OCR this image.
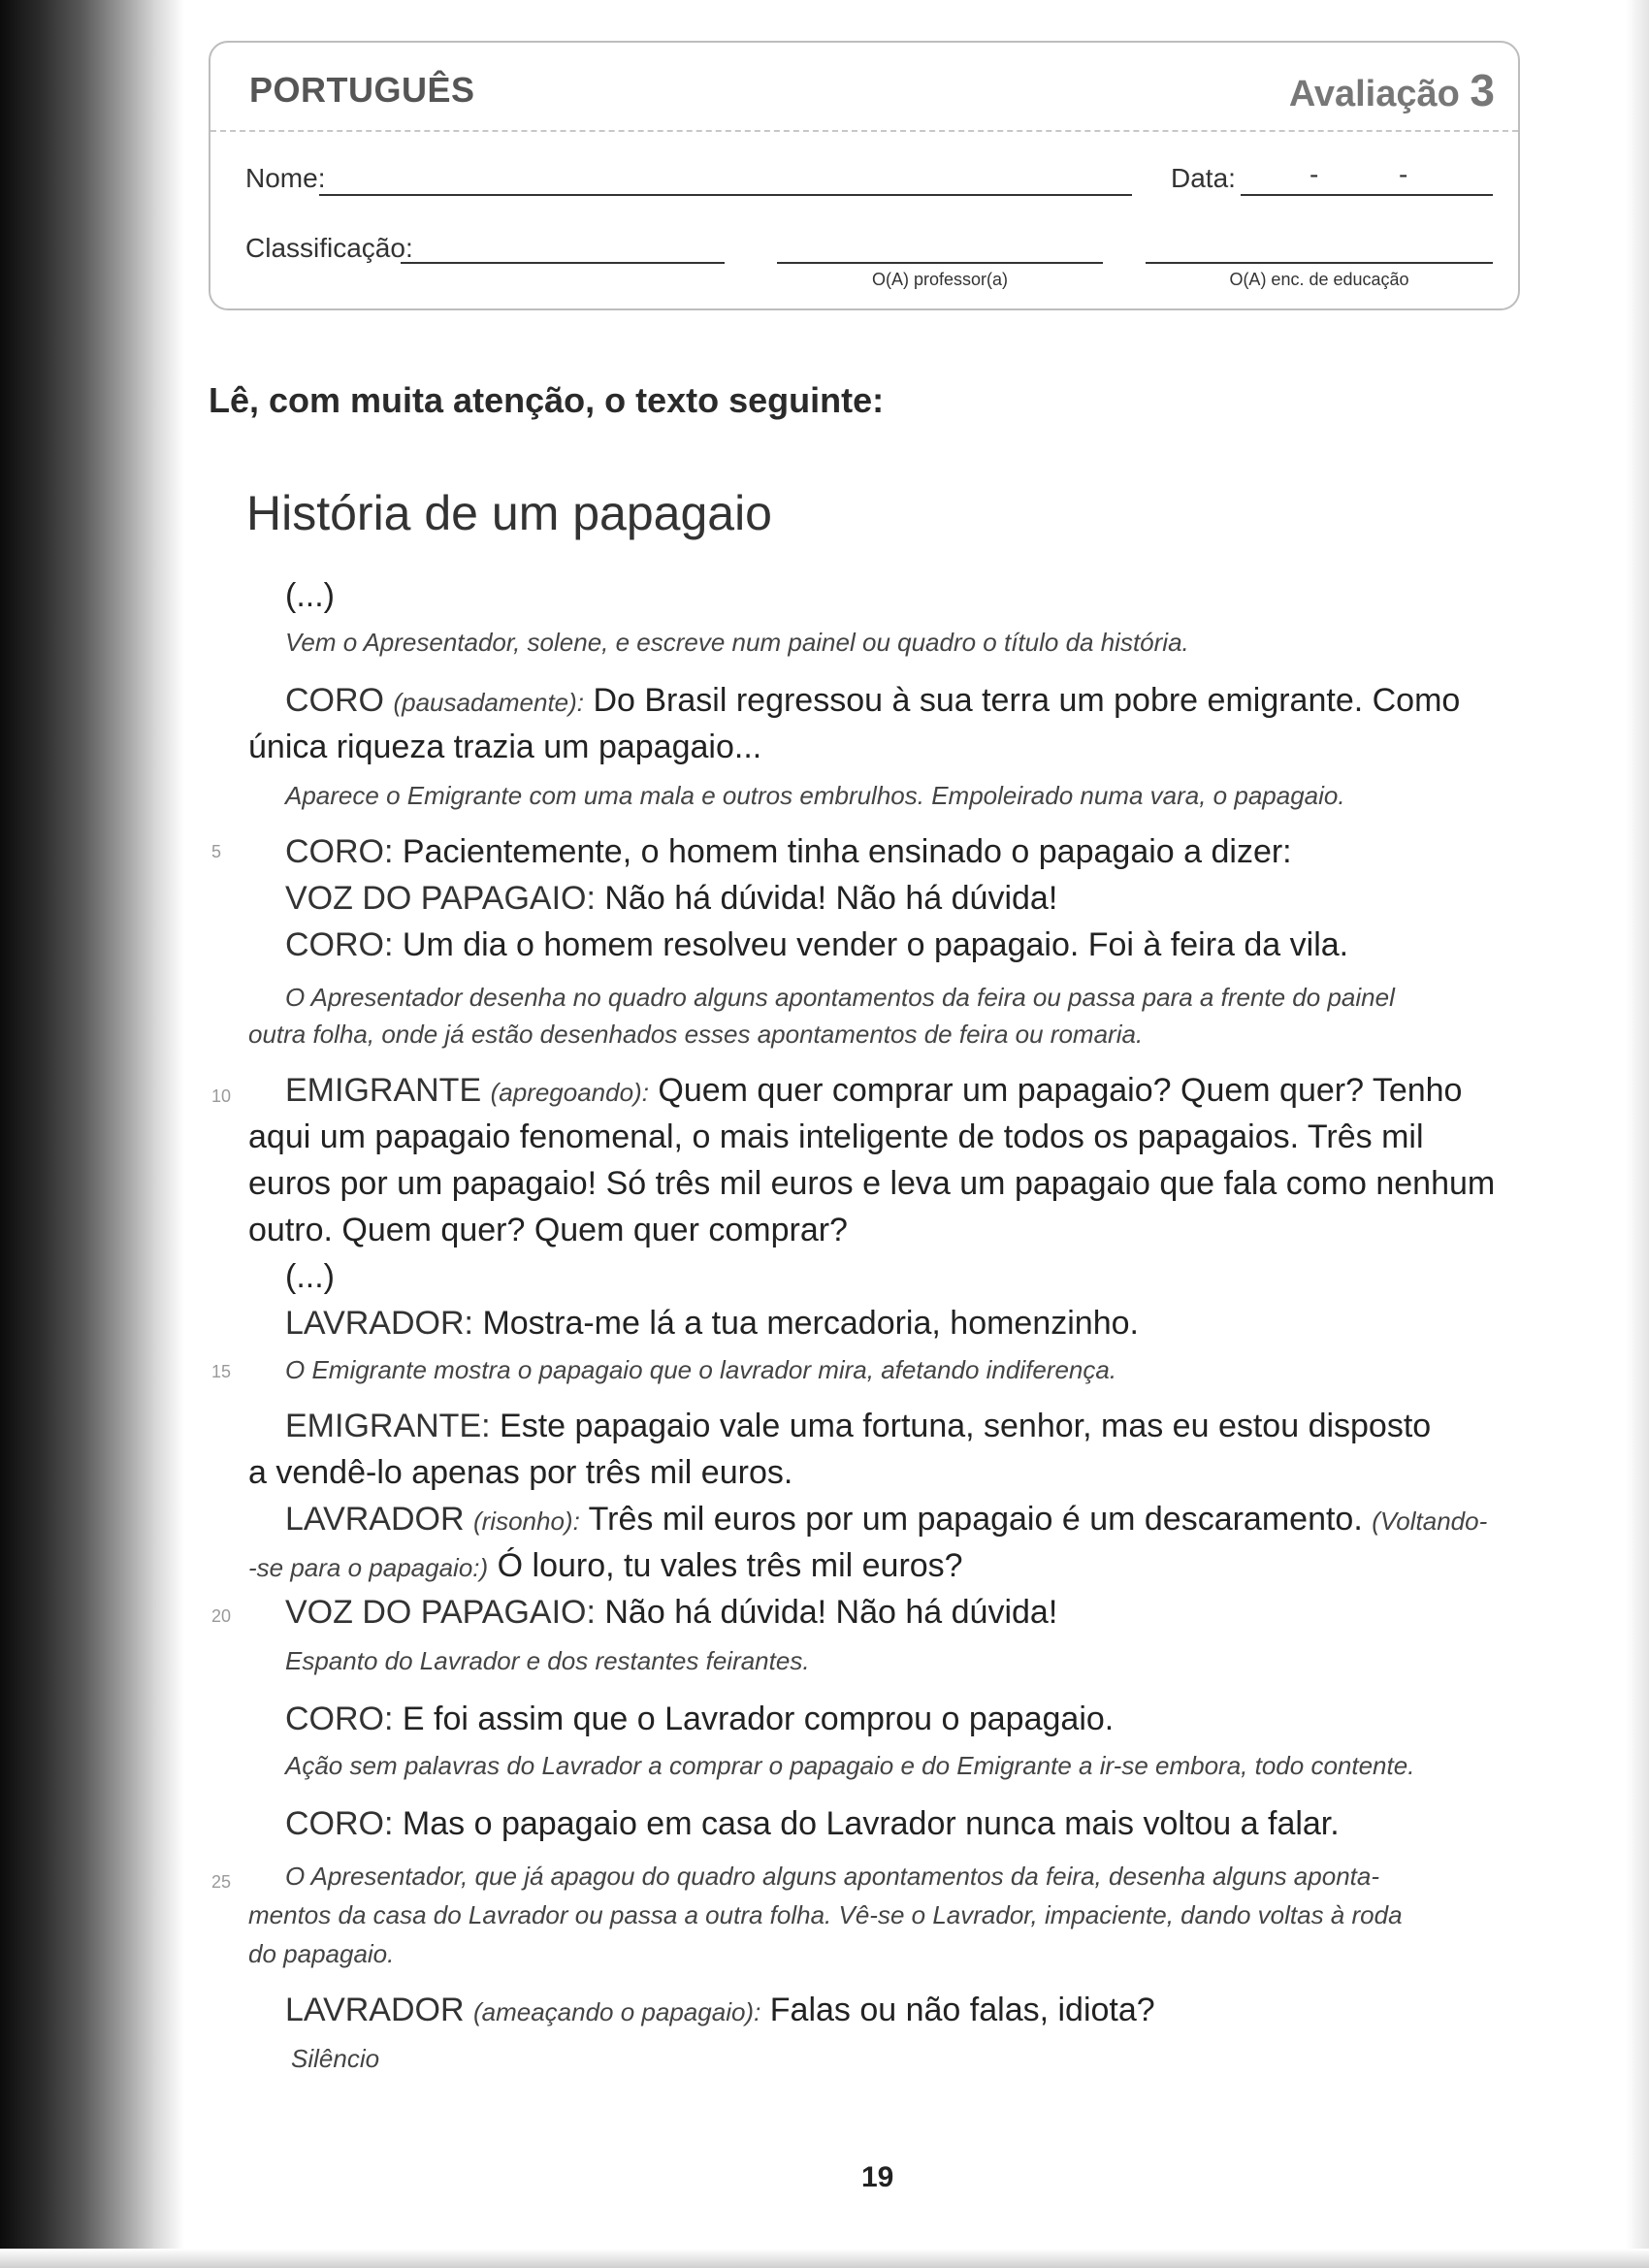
PORTUGUÊS	Avaliação 3
Nome:	Data:	-	-
Classificação:
O(A) professor(a)	O(A) enc. de educação
Lê, com muita atenção, o texto seguinte:
História de um papagaio
(...)
Vem o Apresentador, solene, e escreve num painel ou quadro o título da história.
CORO (pausadamente): Do Brasil regressou à sua terra um pobre emigrante. Como
única riqueza trazia um papagaio...
Aparece o Emigrante com uma mala e outros embrulhos. Empoleirado numa vara, o papagaio.
5 CORO: Pacientemente, o homem tinha ensinado o papagaio a dizer:
VOZ DO PAPAGAIO: Não há dúvida! Não há dúvida!
CORO: Um dia o homem resolveu vender o papagaio. Foi à feira da vila.
O Apresentador desenha no quadro alguns apontamentos da feira ou passa para a frente do painel
outra folha, onde já estão desenhados esses apontamentos de feira ou romaria.
10 EMIGRANTE (apregoando): Quem quer comprar um papagaio? Quem quer? Tenho
aqui um papagaio fenomenal, o mais inteligente de todos os papagaios. Três mil
euros por um papagaio! Só três mil euros e leva um papagaio que fala como nenhum
outro. Quem quer? Quem quer comprar?
(...)
LAVRADOR: Mostra-me lá a tua mercadoria, homenzinho.
15 O Emigrante mostra o papagaio que o lavrador mira, afetando indiferença.
EMIGRANTE: Este papagaio vale uma fortuna, senhor, mas eu estou disposto
a vendê-lo apenas por três mil euros.
LAVRADOR (risonho): Três mil euros por um papagaio é um descaramento. (Voltando-
-se para o papagaio:) Ó louro, tu vales três mil euros?
20 VOZ DO PAPAGAIO: Não há dúvida! Não há dúvida!
Espanto do Lavrador e dos restantes feirantes.
CORO: E foi assim que o Lavrador comprou o papagaio.
Ação sem palavras do Lavrador a comprar o papagaio e do Emigrante a ir-se embora, todo contente.
CORO: Mas o papagaio em casa do Lavrador nunca mais voltou a falar.
25 O Apresentador, que já apagou do quadro alguns apontamentos da feira, desenha alguns aponta-
mentos da casa do Lavrador ou passa a outra folha. Vê-se o Lavrador, impaciente, dando voltas à roda
do papagaio.
LAVRADOR (ameaçando o papagaio): Falas ou não falas, idiota?
Silêncio
19
